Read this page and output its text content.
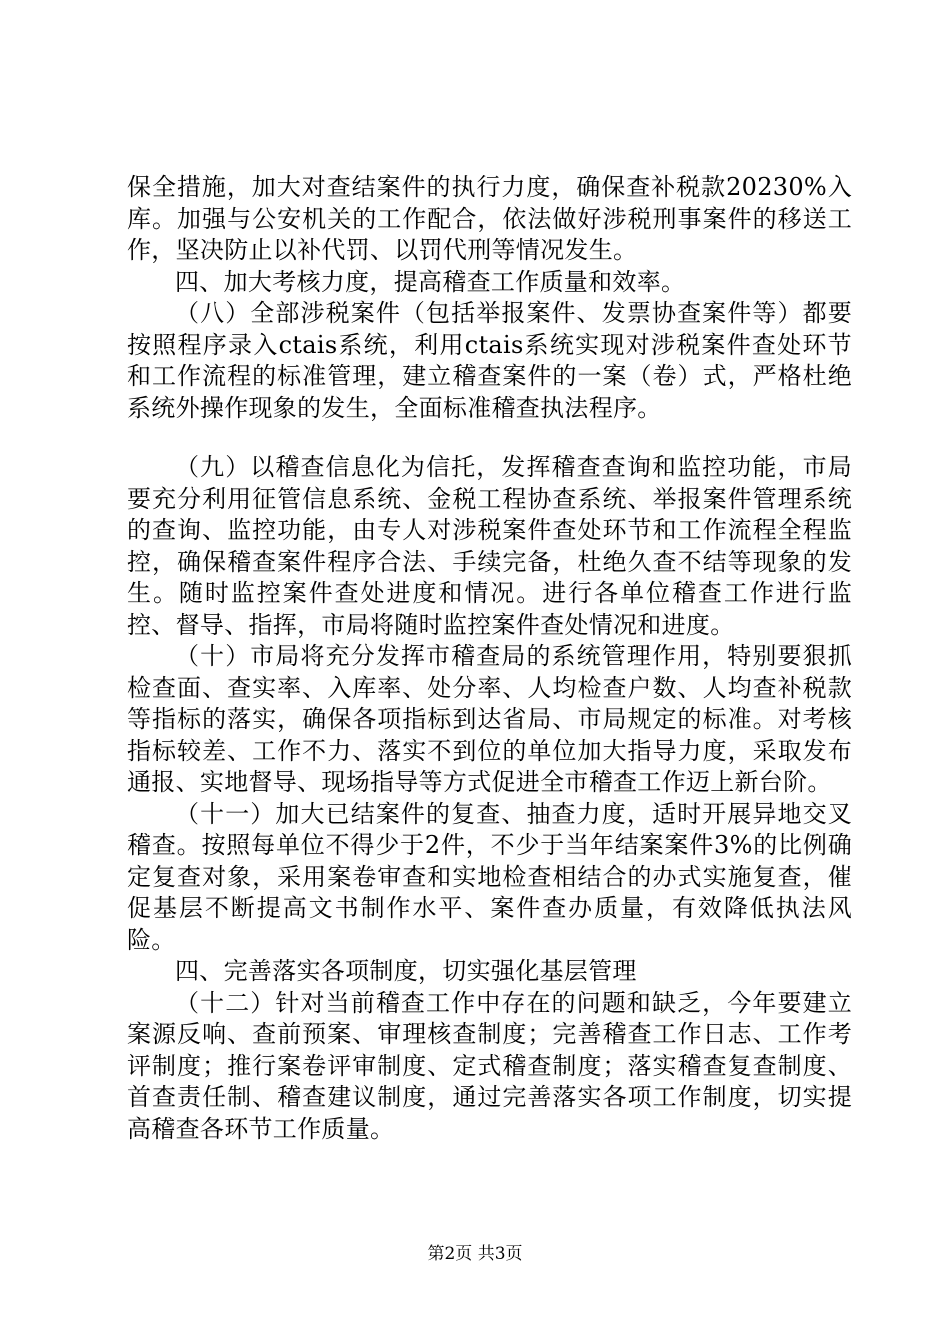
保全措施，加大对查结案件的执行力度，确保查补税款20230%入库。加强与公安机关的工作配合，依法做好涉税刑事案件的移送工作，坚决防止以补代罚、以罚代刑等情况发生。

四、加大考核力度，提高稽查工作质量和效率。

（八）全部涉税案件（包括举报案件、发票协查案件等）都要按照程序录入ctais系统，利用ctais系统实现对涉税案件查处环节和工作流程的标准管理，建立稽查案件的一案（卷）式，严格杜绝系统外操作现象的发生，全面标准稽查执法程序。

（九）以稽查信息化为信托，发挥稽查查询和监控功能，市局要充分利用征管信息系统、金税工程协查系统、举报案件管理系统的查询、监控功能，由专人对涉税案件查处环节和工作流程全程监控，确保稽查案件程序合法、手续完备，杜绝久查不结等现象的发生。随时监控案件查处进度和情况。进行各单位稽查工作进行监控、督导、指挥，市局将随时监控案件查处情况和进度。

（十）市局将充分发挥市稽查局的系统管理作用，特别要狠抓检查面、查实率、入库率、处分率、人均检查户数、人均查补税款等指标的落实，确保各项指标到达省局、市局规定的标准。对考核指标较差、工作不力、落实不到位的单位加大指导力度，采取发布通报、实地督导、现场指导等方式促进全市稽查工作迈上新台阶。

（十一）加大已结案件的复查、抽查力度，适时开展异地交叉稽查。按照每单位不得少于2件，不少于当年结案案件3%的比例确定复查对象，采用案卷审查和实地检查相结合的办式实施复查，催促基层不断提高文书制作水平、案件查办质量，有效降低执法风险。

四、完善落实各项制度，切实强化基层管理

（十二）针对当前稽查工作中存在的问题和缺乏，今年要建立案源反响、查前预案、审理核查制度；完善稽查工作日志、工作考评制度；推行案卷评审制度、定式稽查制度；落实稽查复查制度、首查责任制、稽查建议制度，通过完善落实各项工作制度，切实提高稽查各环节工作质量。

第2页 共3页
